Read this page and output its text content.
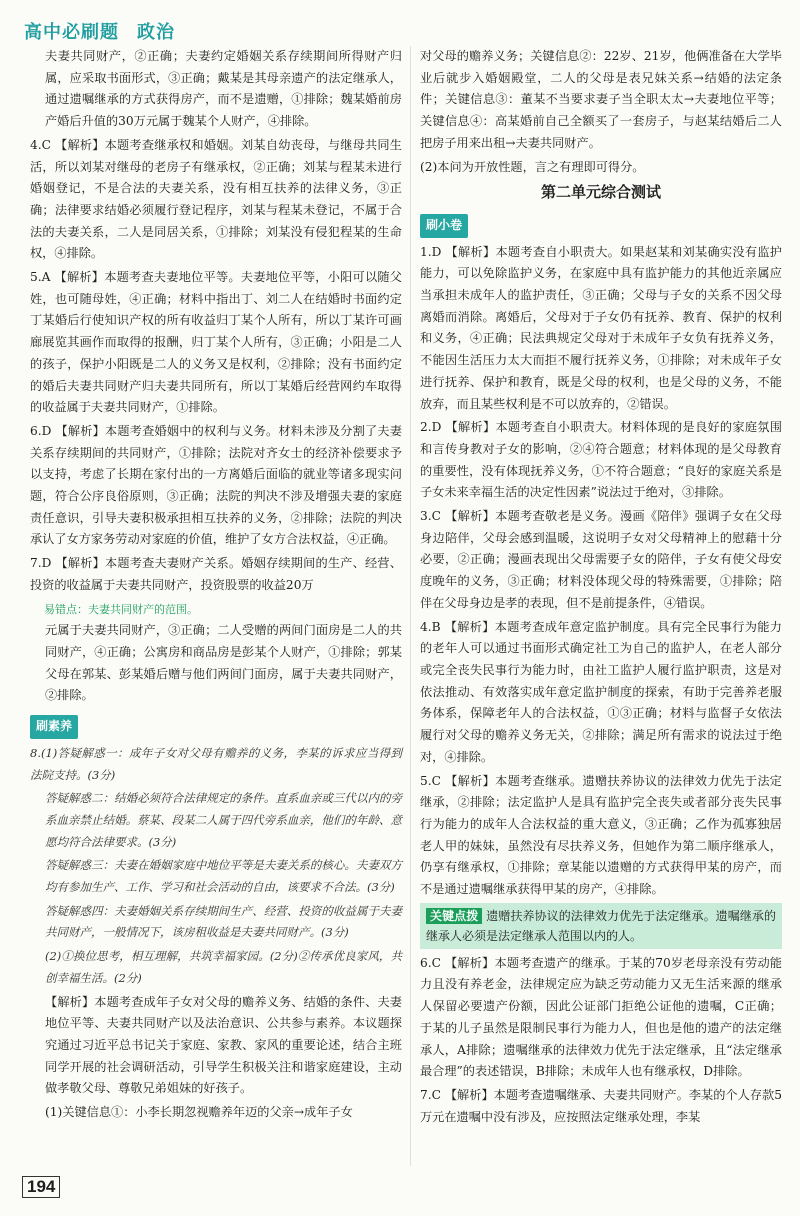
高中必刷题 政治

夫妻共同财产，②正确；夫妻约定婚姻关系存续期间所得财产归属，应采取书面形式，③正确；戴某是其母亲遗产的法定继承人，通过遗嘱继承的方式获得房产，而不是遗赠，①排除；魏某婚前房产婚后升值的30万元属于魏某个人财产，④排除。

4.C 【解析】本题考查继承权和婚姻。刘某自幼丧母，与继母共同生活，所以刘某对继母的老房子有继承权，②正确；刘某与程某未进行婚姻登记，不是合法的夫妻关系，没有相互扶养的法律义务，③正确；法律要求结婚必须履行登记程序，刘某与程某未登记，不属于合法的夫妻关系，二人是同居关系，①排除；刘某没有侵犯程某的生命权，④排除。

5.A 【解析】本题考查夫妻地位平等。夫妻地位平等，小阳可以随父姓，也可随母姓，④正确；材料中指出丁、刘二人在结婚时书面约定丁某婚后行使知识产权的所有收益归丁某个人所有，所以丁某许可画廊展览其画作而取得的报酬，归丁某个人所有，③正确；小阳是二人的孩子，保护小阳既是二人的义务又是权利，②排除；没有书面约定的婚后夫妻共同财产归夫妻共同所有，所以丁某婚后经营网约车取得的收益属于夫妻共同财产，①排除。

6.D 【解析】本题考查婚姻中的权利与义务。材料未涉及分割了夫妻关系存续期间的共同财产，①排除；法院对齐女士的经济补偿要求予以支持，考虑了长期在家付出的一方离婚后面临的就业等诸多现实问题，符合公序良俗原则，③正确；法院的判决不涉及增强夫妻的家庭责任意识，引导夫妻积极承担相互扶养的义务，②排除；法院的判决承认了女方家务劳动对家庭的价值，维护了女方合法权益，④正确。

7.D 【解析】本题考查夫妻财产关系。婚姻存续期间的生产、经营、投资的收益属于夫妻共同财产，投资股票的收益20万

易错点：夫妻共同财产的范围。

元属于夫妻共同财产，③正确；二人受赠的两间门面房是二人的共同财产，④正确；公寓房和商品房是彭某个人财产，①排除；郭某父母在郭某、彭某婚后赠与他们两间门面房，属于夫妻共同财产，②排除。

刷素养

8.(1)答疑解惑一：成年子女对父母有赡养的义务，李某的诉求应当得到法院支持。(3分)

答疑解惑二：结婚必须符合法律规定的条件。直系血亲或三代以内的旁系血亲禁止结婚。蔡某、段某二人属于四代旁系血亲，他们的年龄、意愿均符合法律要求。(3分)

答疑解惑三：夫妻在婚姻家庭中地位平等是夫妻关系的核心。夫妻双方均有参加生产、工作、学习和社会活动的自由，该要求不合法。(3分)

答疑解惑四：夫妻婚姻关系存续期间生产、经营、投资的收益属于夫妻共同财产，一般情况下，该房租收益是夫妻共同财产。(3分)

(2)①换位思考，相互理解，共筑幸福家园。(2分)②传承优良家风，共创幸福生活。(2分)

【解析】本题考查成年子女对父母的赡养义务、结婚的条件、夫妻地位平等、夫妻共同财产以及法治意识、公共参与素养。本议题探究通过习近平总书记关于家庭、家教、家风的重要论述，结合主班同学开展的社会调研活动，引导学生积极关注和谐家庭建设，主动做孝敬父母、尊敬兄弟姐妹的好孩子。

(1)关键信息①：小李长期忽视赡养年迈的父亲→成年子女

对父母的赡养义务；关键信息②：22岁、21岁，他俩准备在大学毕业后就步入婚姻殿堂，二人的父母是表兄妹关系→结婚的法定条件；关键信息③：董某不当要求妻子当全职太太→夫妻地位平等；关键信息④：高某婚前自己全额买了一套房子，与赵某结婚后二人把房子用来出租→夫妻共同财产。

(2)本问为开放性题，言之有理即可得分。

第二单元综合测试
刷小卷

1.D 【解析】本题考查自小职责大。如果赵某和刘某确实没有监护能力，可以免除监护义务，在家庭中具有监护能力的其他近亲属应当承担未成年人的监护责任，③正确；父母与子女的关系不因父母离婚而消除。离婚后，父母对于子女仍有抚养、教育、保护的权利和义务，④正确；民法典规定父母对于未成年子女负有抚养义务，不能因生活压力太大而拒不履行抚养义务，①排除；对未成年子女进行抚养、保护和教育，既是父母的权利，也是父母的义务，不能放弃，而且某些权利是不可以放弃的，②错误。

2.D 【解析】本题考查自小职责大。材料体现的是良好的家庭氛围和言传身教对子女的影响，②④符合题意；材料体现的是父母教育的重要性，没有体现抚养义务，①不符合题意；“良好的家庭关系是子女未来幸福生活的决定性因素”说法过于绝对，③排除。

3.C 【解析】本题考查敬老是义务。漫画《陪伴》强调子女在父母身边陪伴，父母会感到温暖，这说明子女对父母精神上的慰藉十分必要，②正确；漫画表现出父母需要子女的陪伴，子女有使父母安度晚年的义务，③正确；材料没体现父母的特殊需要，①排除；陪伴在父母身边是孝的表现，但不是前提条件，④错误。

4.B 【解析】本题考查成年意定监护制度。具有完全民事行为能力的老年人可以通过书面形式确定社工为自己的监护人，在老人部分或完全丧失民事行为能力时，由社工监护人履行监护职责，这是对依法推动、有效落实成年意定监护制度的探索，有助于完善养老服务体系，保障老年人的合法权益，①③正确；材料与监督子女依法履行对父母的赡养义务无关，②排除；满足所有需求的说法过于绝对，④排除。

5.C 【解析】本题考查继承。遗赠扶养协议的法律效力优先于法定继承，②排除；法定监护人是具有监护完全丧失或者部分丧失民事行为能力的成年人合法权益的重大意义，③正确；乙作为孤寡独居老人甲的妹妹，虽然没有尽扶养义务，但她作为第二顺序继承人，仍享有继承权，①排除；章某能以遗赠的方式获得甲某的房产，而不是通过遗嘱继承获得甲某的房产，④排除。

关键点拨 遗赠扶养协议的法律效力优先于法定继承。遗嘱继承的继承人必须是法定继承人范围以内的人。

6.C 【解析】本题考查遗产的继承。于某的70岁老母亲没有劳动能力且没有养老金，法律规定应为缺乏劳动能力又无生活来源的继承人保留必要遗产份额，因此公证部门拒绝公证他的遗嘱，C正确；于某的儿子虽然是限制民事行为能力人，但也是他的遗产的法定继承人，A排除；遗嘱继承的法律效力优先于法定继承，且“法定继承最合理”的表述错误，B排除；未成年人也有继承权，D排除。

7.C 【解析】本题考查遗嘱继承、夫妻共同财产。李某的个人存款5万元在遗嘱中没有涉及，应按照法定继承处理，李某

194
